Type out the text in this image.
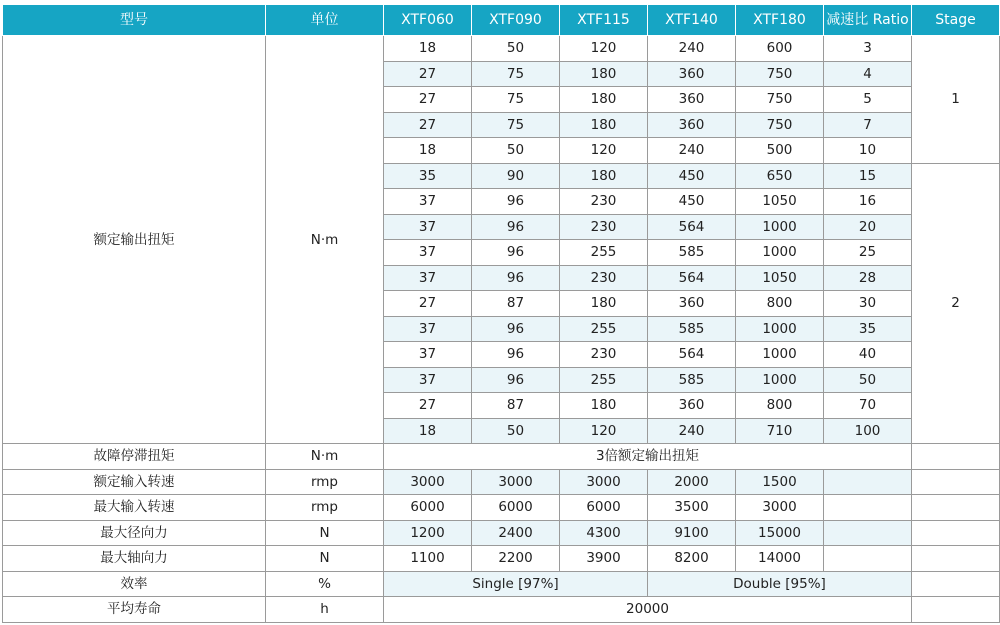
型号	单位	XTF060	XTF090	XTF115	XTF140	XTF180	减速比 Ratio	Stage
额定输出扭矩	N·m	18	50	120	240	600	3	1
		27	75	180	360	750	4	
		27	75	180	360	750	5	
		27	75	180	360	750	7	
		18	50	120	240	500	10	
		35	90	180	450	650	15	2
		37	96	230	450	1050	16	
		37	96	230	564	1000	20	
		37	96	255	585	1000	25	
		37	96	230	564	1050	28	
		27	87	180	360	800	30	
		37	96	255	585	1000	35	
		37	96	230	564	1000	40	
		37	96	255	585	1000	50	
		27	87	180	360	800	70	
		18	50	120	240	710	100	
故障停滞扭矩	N·m	3倍额定输出扭矩						
额定输入转速	rmp	3000	3000	3000	2000	1500		
最大输入转速	rmp	6000	6000	6000	3500	3000		
最大径向力	N	1200	2400	4300	9100	15000		
最大轴向力	N	1100	2200	3900	8200	14000		
效率	%	Single [97%]			Double [95%]			
平均寿命	h	20000						
